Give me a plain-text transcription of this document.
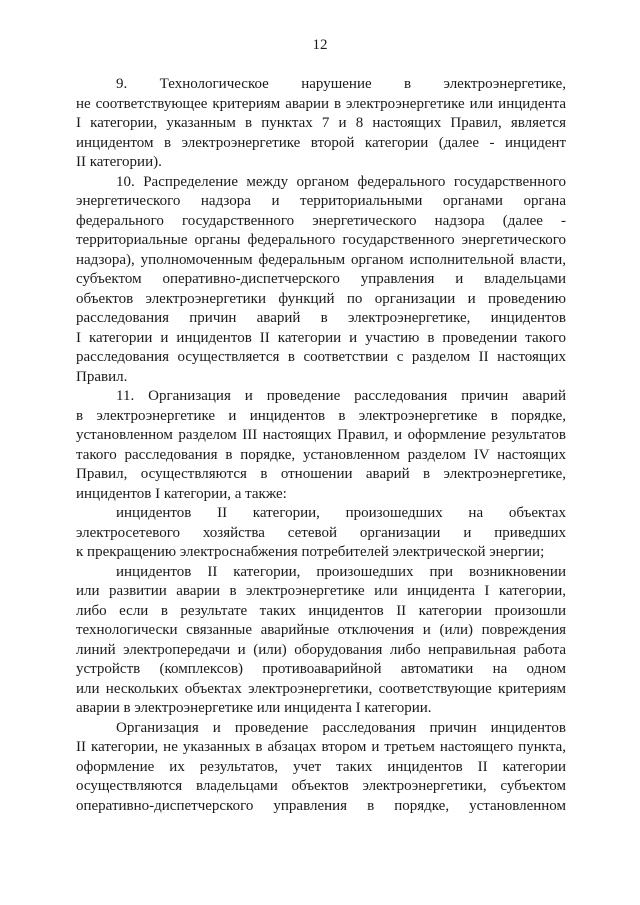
12
9. Технологическое нарушение в электроэнергетике,
не соответствующее критериям аварии в электроэнергетике или инцидента
I категории, указанным в пунктах 7 и 8 настоящих Правил, является
инцидентом в электроэнергетике второй категории (далее - инцидент
II категории).
10. Распределение между органом федерального государственного
энергетического надзора и территориальными органами органа
федерального государственного энергетического надзора (далее -
территориальные органы федерального государственного энергетического
надзора), уполномоченным федеральным органом исполнительной власти,
субъектом оперативно-диспетчерского управления и владельцами
объектов электроэнергетики функций по организации и проведению
расследования причин аварий в электроэнергетике, инцидентов
I категории и инцидентов II категории и участию в проведении такого
расследования осуществляется в соответствии с разделом II настоящих
Правил.
11. Организация и проведение расследования причин аварий
в электроэнергетике и инцидентов в электроэнергетике в порядке,
установленном разделом III настоящих Правил, и оформление результатов
такого расследования в порядке, установленном разделом IV настоящих
Правил, осуществляются в отношении аварий в электроэнергетике,
инцидентов I категории, а также:
инцидентов II категории, произошедших на объектах
электросетевого хозяйства сетевой организации и приведших
к прекращению электроснабжения потребителей электрической энергии;
инцидентов II категории, произошедших при возникновении
или развитии аварии в электроэнергетике или инцидента I категории,
либо если в результате таких инцидентов II категории произошли
технологически связанные аварийные отключения и (или) повреждения
линий электропередачи и (или) оборудования либо неправильная работа
устройств (комплексов) противоаварийной автоматики на одном
или нескольких объектах электроэнергетики, соответствующие критериям
аварии в электроэнергетике или инцидента I категории.
Организация и проведение расследования причин инцидентов
II категории, не указанных в абзацах втором и третьем настоящего пункта,
оформление их результатов, учет таких инцидентов II категории
осуществляются владельцами объектов электроэнергетики, субъектом
оперативно-диспетчерского управления в порядке, установленном
